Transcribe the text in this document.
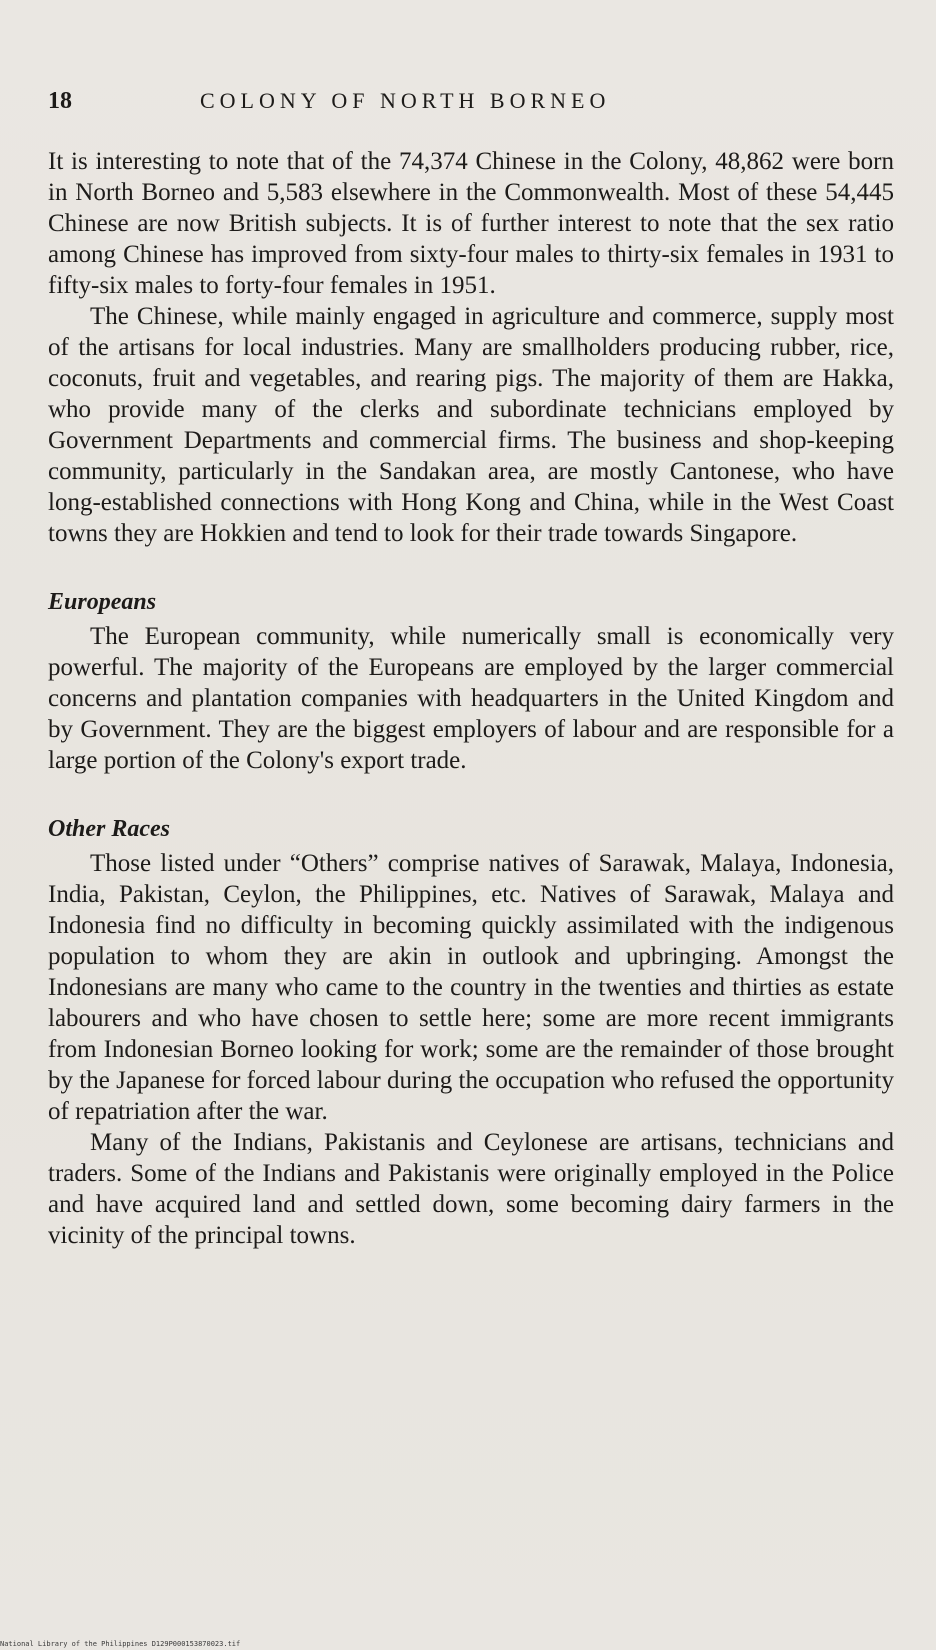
18	COLONY OF NORTH BORNEO

It is interesting to note that of the 74,374 Chinese in the Colony, 48,862 were born in North Borneo and 5,583 elsewhere in the Commonwealth. Most of these 54,445 Chinese are now British subjects. It is of further interest to note that the sex ratio among Chinese has improved from sixty-four males to thirty-six females in 1931 to fifty-six males to forty-four females in 1951.

The Chinese, while mainly engaged in agriculture and commerce, supply most of the artisans for local industries. Many are smallholders producing rubber, rice, coconuts, fruit and vegetables, and rearing pigs. The majority of them are Hakka, who provide many of the clerks and subordinate technicians employed by Government Departments and commercial firms. The business and shop-keeping community, particularly in the Sandakan area, are mostly Cantonese, who have long-established connections with Hong Kong and China, while in the West Coast towns they are Hokkien and tend to look for their trade towards Singapore.

Europeans

The European community, while numerically small is economically very powerful. The majority of the Europeans are employed by the larger commercial concerns and plantation companies with headquarters in the United Kingdom and by Government. They are the biggest employers of labour and are responsible for a large portion of the Colony's export trade.

Other Races

Those listed under “Others” comprise natives of Sarawak, Malaya, Indonesia, India, Pakistan, Ceylon, the Philippines, etc. Natives of Sarawak, Malaya and Indonesia find no difficulty in becoming quickly assimilated with the indigenous population to whom they are akin in outlook and upbringing. Amongst the Indonesians are many who came to the country in the twenties and thirties as estate labourers and who have chosen to settle here; some are more recent immigrants from Indonesian Borneo looking for work; some are the remainder of those brought by the Japanese for forced labour during the occupation who refused the opportunity of repatriation after the war.

Many of the Indians, Pakistanis and Ceylonese are artisans, technicians and traders. Some of the Indians and Pakistanis were originally employed in the Police and have acquired land and settled down, some becoming dairy farmers in the vicinity of the principal towns.

National Library of the Philippines D129P000153870023.tif
